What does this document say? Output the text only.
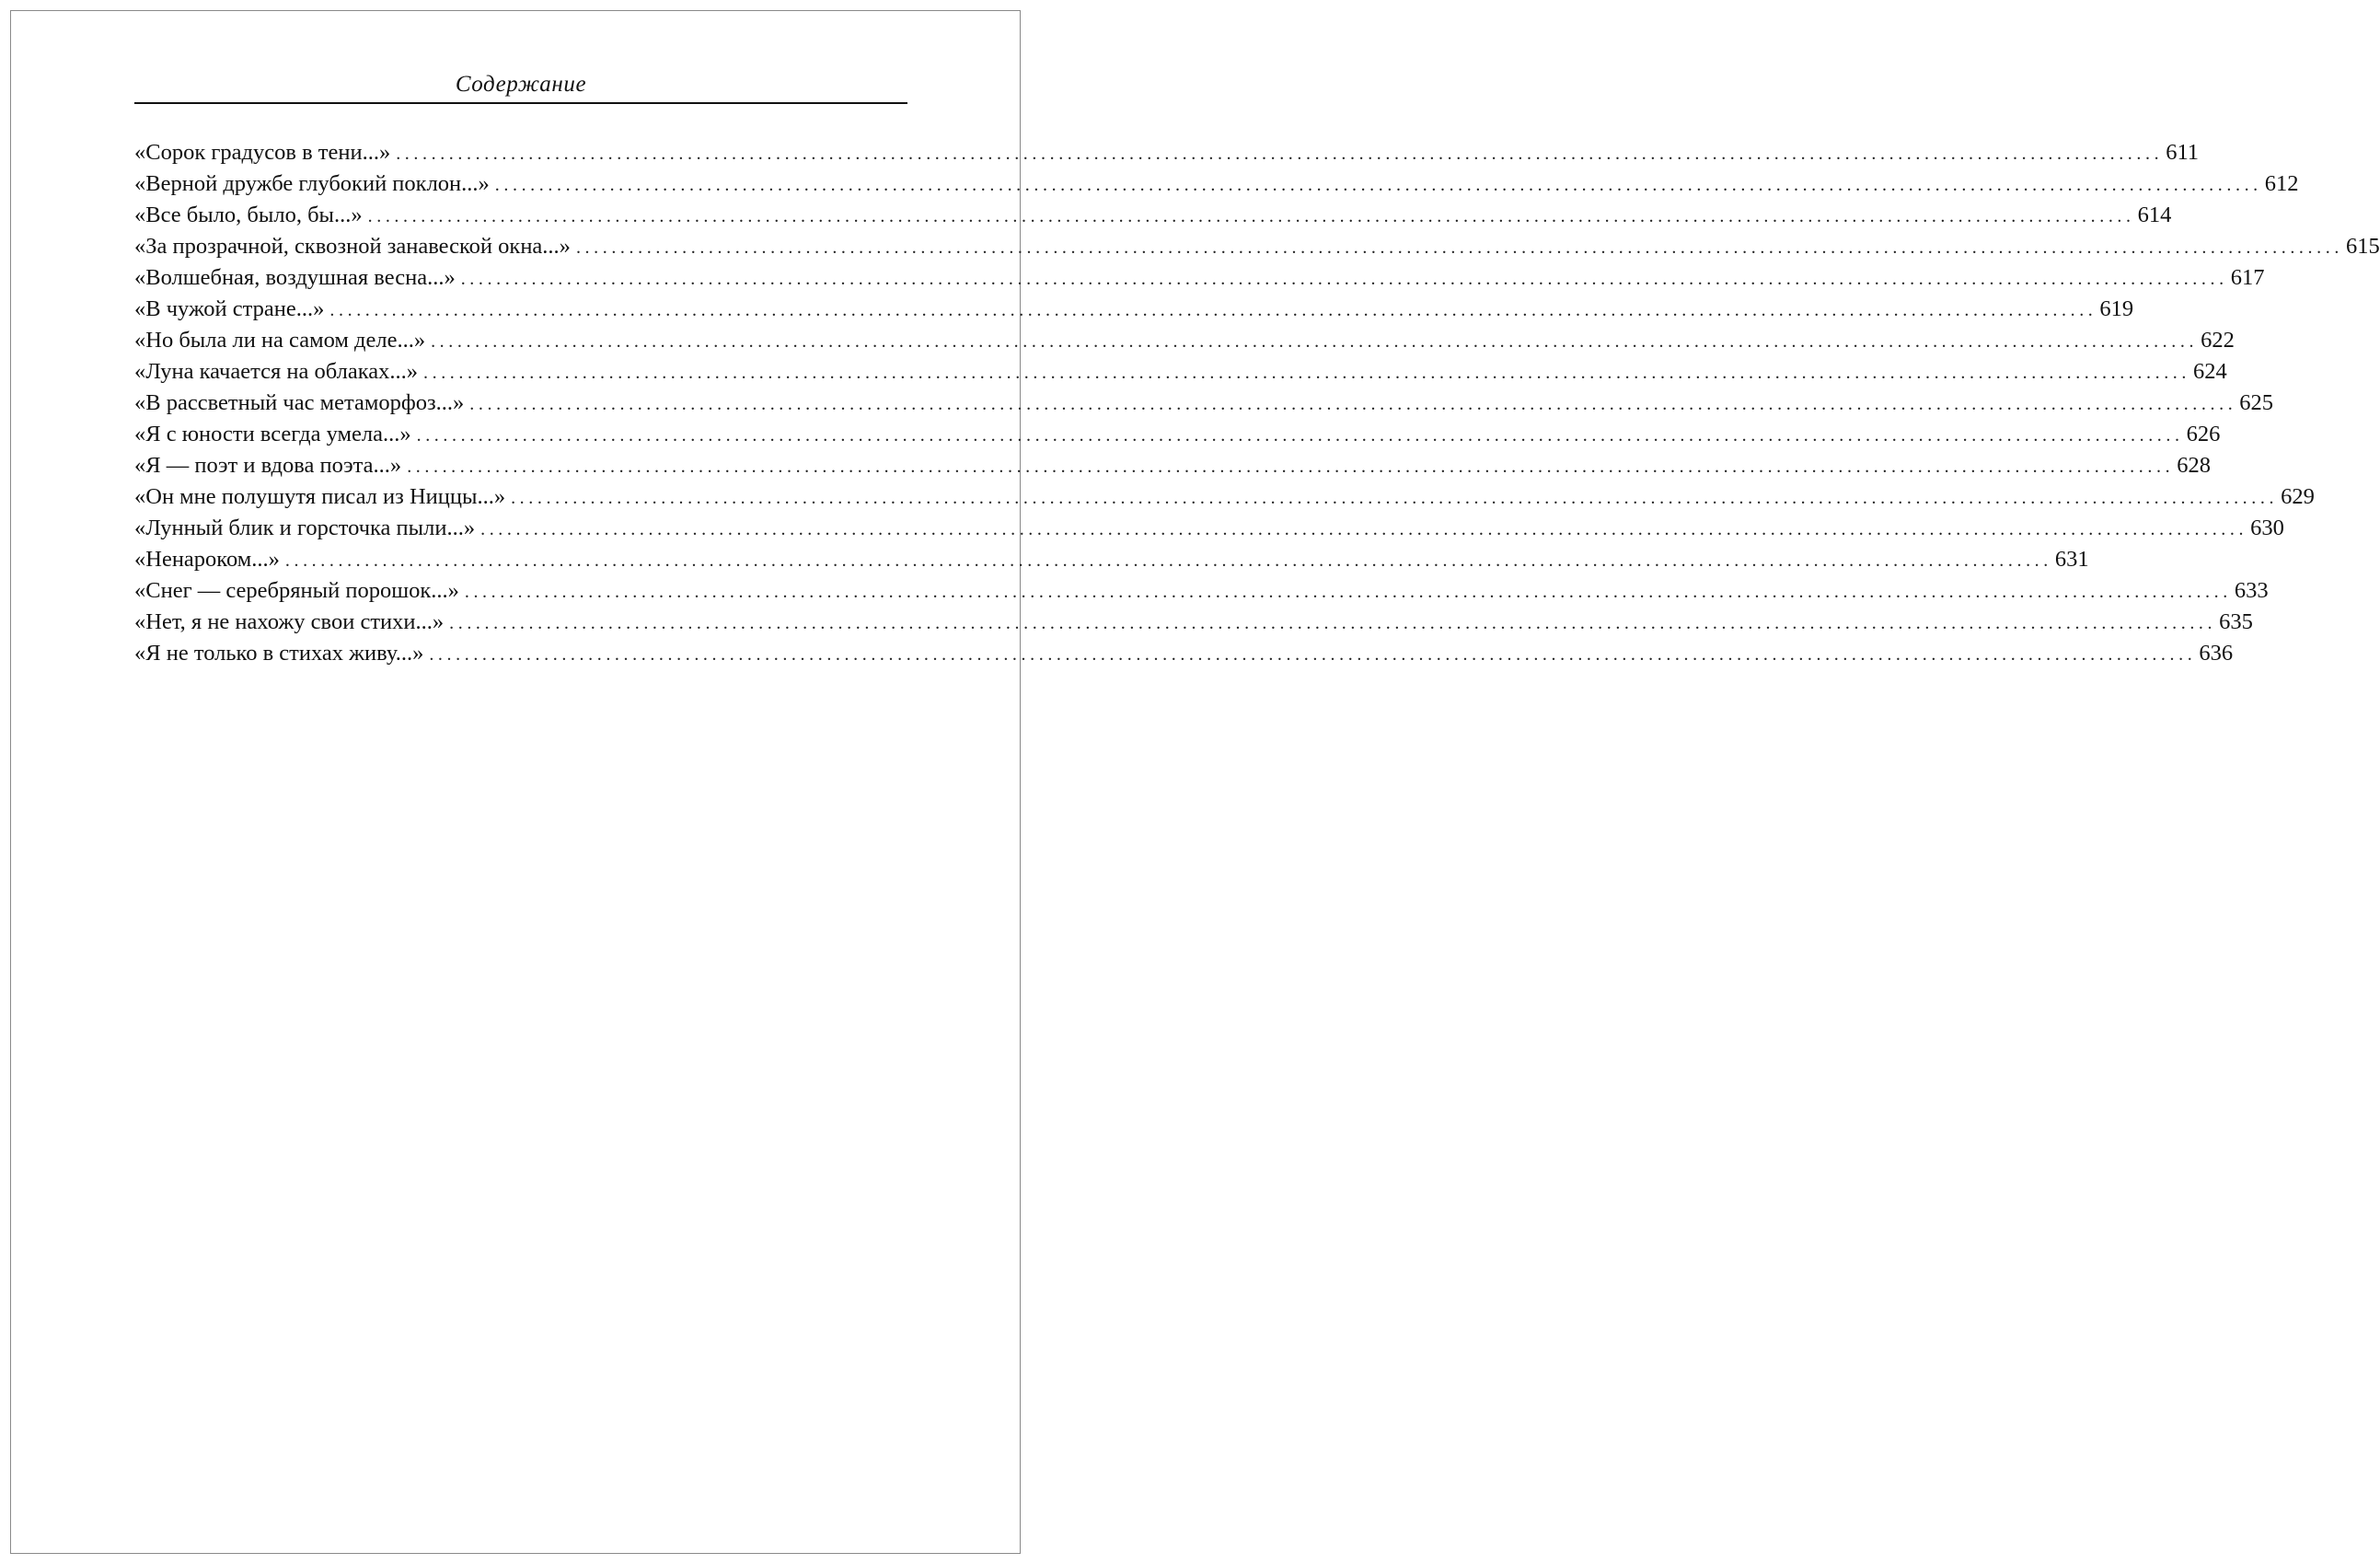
Содержание
«Сорок градусов в тени...» ........................................................................................................................................................................................................ 611
«Верной дружбе глубокий поклон...» ........................................................................................................................................................................................................ 612
«Все было, было, бы...» ........................................................................................................................................................................................................ 614
«За прозрачной, сквозной занавеской окна...» ........................................................................................................................................................................................................ 615
«Волшебная, воздушная весна...» ........................................................................................................................................................................................................ 617
«В чужой стране...» ........................................................................................................................................................................................................ 619
«Но была ли на самом деле...» ........................................................................................................................................................................................................ 622
«Луна качается на облаках...» ........................................................................................................................................................................................................ 624
«В рассветный час метаморфоз...» ........................................................................................................................................................................................................ 625
«Я с юности всегда умела...» ........................................................................................................................................................................................................ 626
«Я — поэт и вдова поэта...» ........................................................................................................................................................................................................ 628
«Он мне полушутя писал из Ниццы...» ........................................................................................................................................................................................................ 629
«Лунный блик и горсточка пыли...» ........................................................................................................................................................................................................ 630
«Ненароком...» ........................................................................................................................................................................................................ 631
«Снег — серебряный порошок...» ........................................................................................................................................................................................................ 633
«Нет, я не нахожу свои стихи...» ........................................................................................................................................................................................................ 635
«Я не только в стихах живу...» ........................................................................................................................................................................................................ 636
